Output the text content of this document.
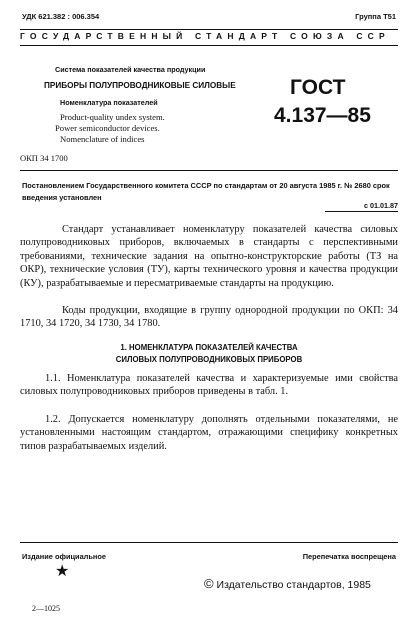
УДК 621.382 : 006.354	Группа Т51
ГОСУДАРСТВЕННЫЙ СТАНДАРТ СОЮЗА ССР
Система показателей качества продукции
ПРИБОРЫ ПОЛУПРОВОДНИКОВЫЕ СИЛОВЫЕ
Номенклатура показателей
Product-quality undex system.
Power semiconductor devices.
Nomenclature of indices
ГОСТ
4.137—85
ОКП 34 1700
Постановлением Государственного комитета СССР по стандартам от 20 августа 1985 г. № 2680 срок введения установлен
с 01.01.87
Стандарт устанавливает номенклатуру показателей качества силовых полупроводниковых приборов, включаемых в стандарты с перспективными требованиями, технические задания на опытно-конструкторские работы (ТЗ на ОКР), технические условия (ТУ), карты технического уровня и качества продукции (КУ), разрабатываемые и пересматриваемые стандарты на продукцию.
Коды продукции, входящие в группу однородной продукции по ОКП: 34 1710, 34 1720, 34 1730, 34 1780.
1. НОМЕНКЛАТУРА ПОКАЗАТЕЛЕЙ КАЧЕСТВА
СИЛОВЫХ ПОЛУПРОВОДНИКОВЫХ ПРИБОРОВ
1.1. Номенклатура показателей качества и характеризуемые ими свойства силовых полупроводниковых приборов приведены в табл. 1.
1.2. Допускается номенклатуру дополнять отдельными показателями, не установленными настоящим стандартом, отражающими специфику конкретных типов разрабатываемых изделий.
Издание официальное	Перепечатка воспрещена
★
© Издательство стандартов, 1985
2—1025
